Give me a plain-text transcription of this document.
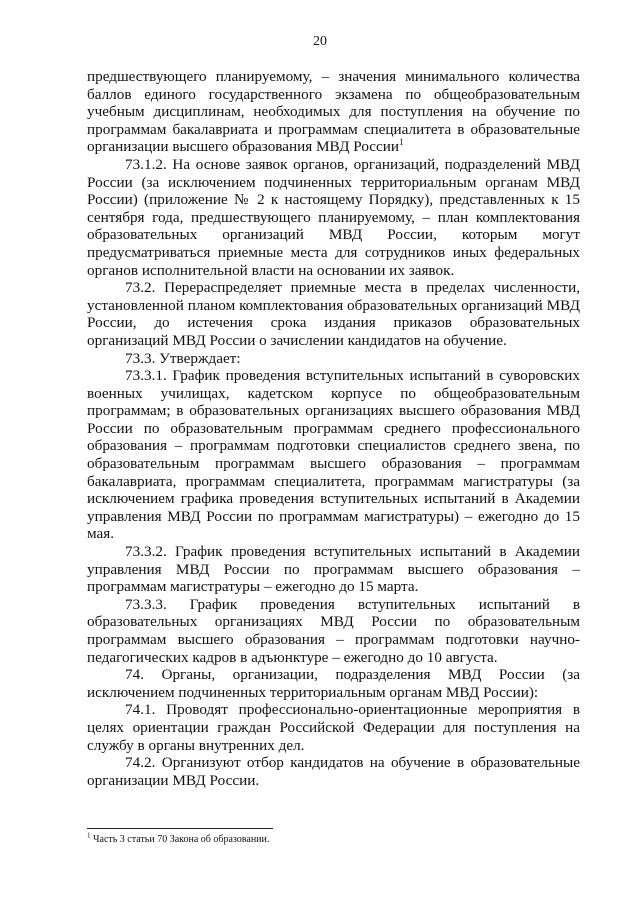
20

предшествующего планируемому, – значения минимального количества баллов единого государственного экзамена по общеобразовательным учебным дисциплинам, необходимых для поступления на обучение по программам бакалавриата и программам специалитета в образовательные организации высшего образования МВД России$^1$

73.1.2. На основе заявок органов, организаций, подразделений МВД России (за исключением подчиненных территориальным органам МВД России) (приложение № 2 к настоящему Порядку), представленных к 15 сентября года, предшествующего планируемому, – план комплектования образовательных организаций МВД России, которым могут предусматриваться приемные места для сотрудников иных федеральных органов исполнительной власти на основании их заявок.

73.2. Перераспределяет приемные места в пределах численности, установленной планом комплектования образовательных организаций МВД России, до истечения срока издания приказов образовательных организаций МВД России о зачислении кандидатов на обучение.

73.3. Утверждает:

73.3.1. График проведения вступительных испытаний в суворовских военных училищах, кадетском корпусе по общеобразовательным программам; в образовательных организациях высшего образования МВД России по образовательным программам среднего профессионального образования – программам подготовки специалистов среднего звена, по образовательным программам высшего образования – программам бакалавриата, программам специалитета, программам магистратуры (за исключением графика проведения вступительных испытаний в Академии управления МВД России по программам магистратуры) – ежегодно до 15 мая.

73.3.2. График проведения вступительных испытаний в Академии управления МВД России по программам высшего образования – программам магистратуры – ежегодно до 15 марта.

73.3.3. График проведения вступительных испытаний в образовательных организациях МВД России по образовательным программам высшего образования – программам подготовки научно-педагогических кадров в адъюнктуре – ежегодно до 10 августа.

74. Органы, организации, подразделения МВД России (за исключением подчиненных территориальным органам МВД России):

74.1. Проводят профессионально-ориентационные мероприятия в целях ориентации граждан Российской Федерации для поступления на службу в органы внутренних дел.

74.2. Организуют отбор кандидатов на обучение в образовательные организации МВД России.

$^1$ Часть 3 статьи 70 Закона об образовании.
